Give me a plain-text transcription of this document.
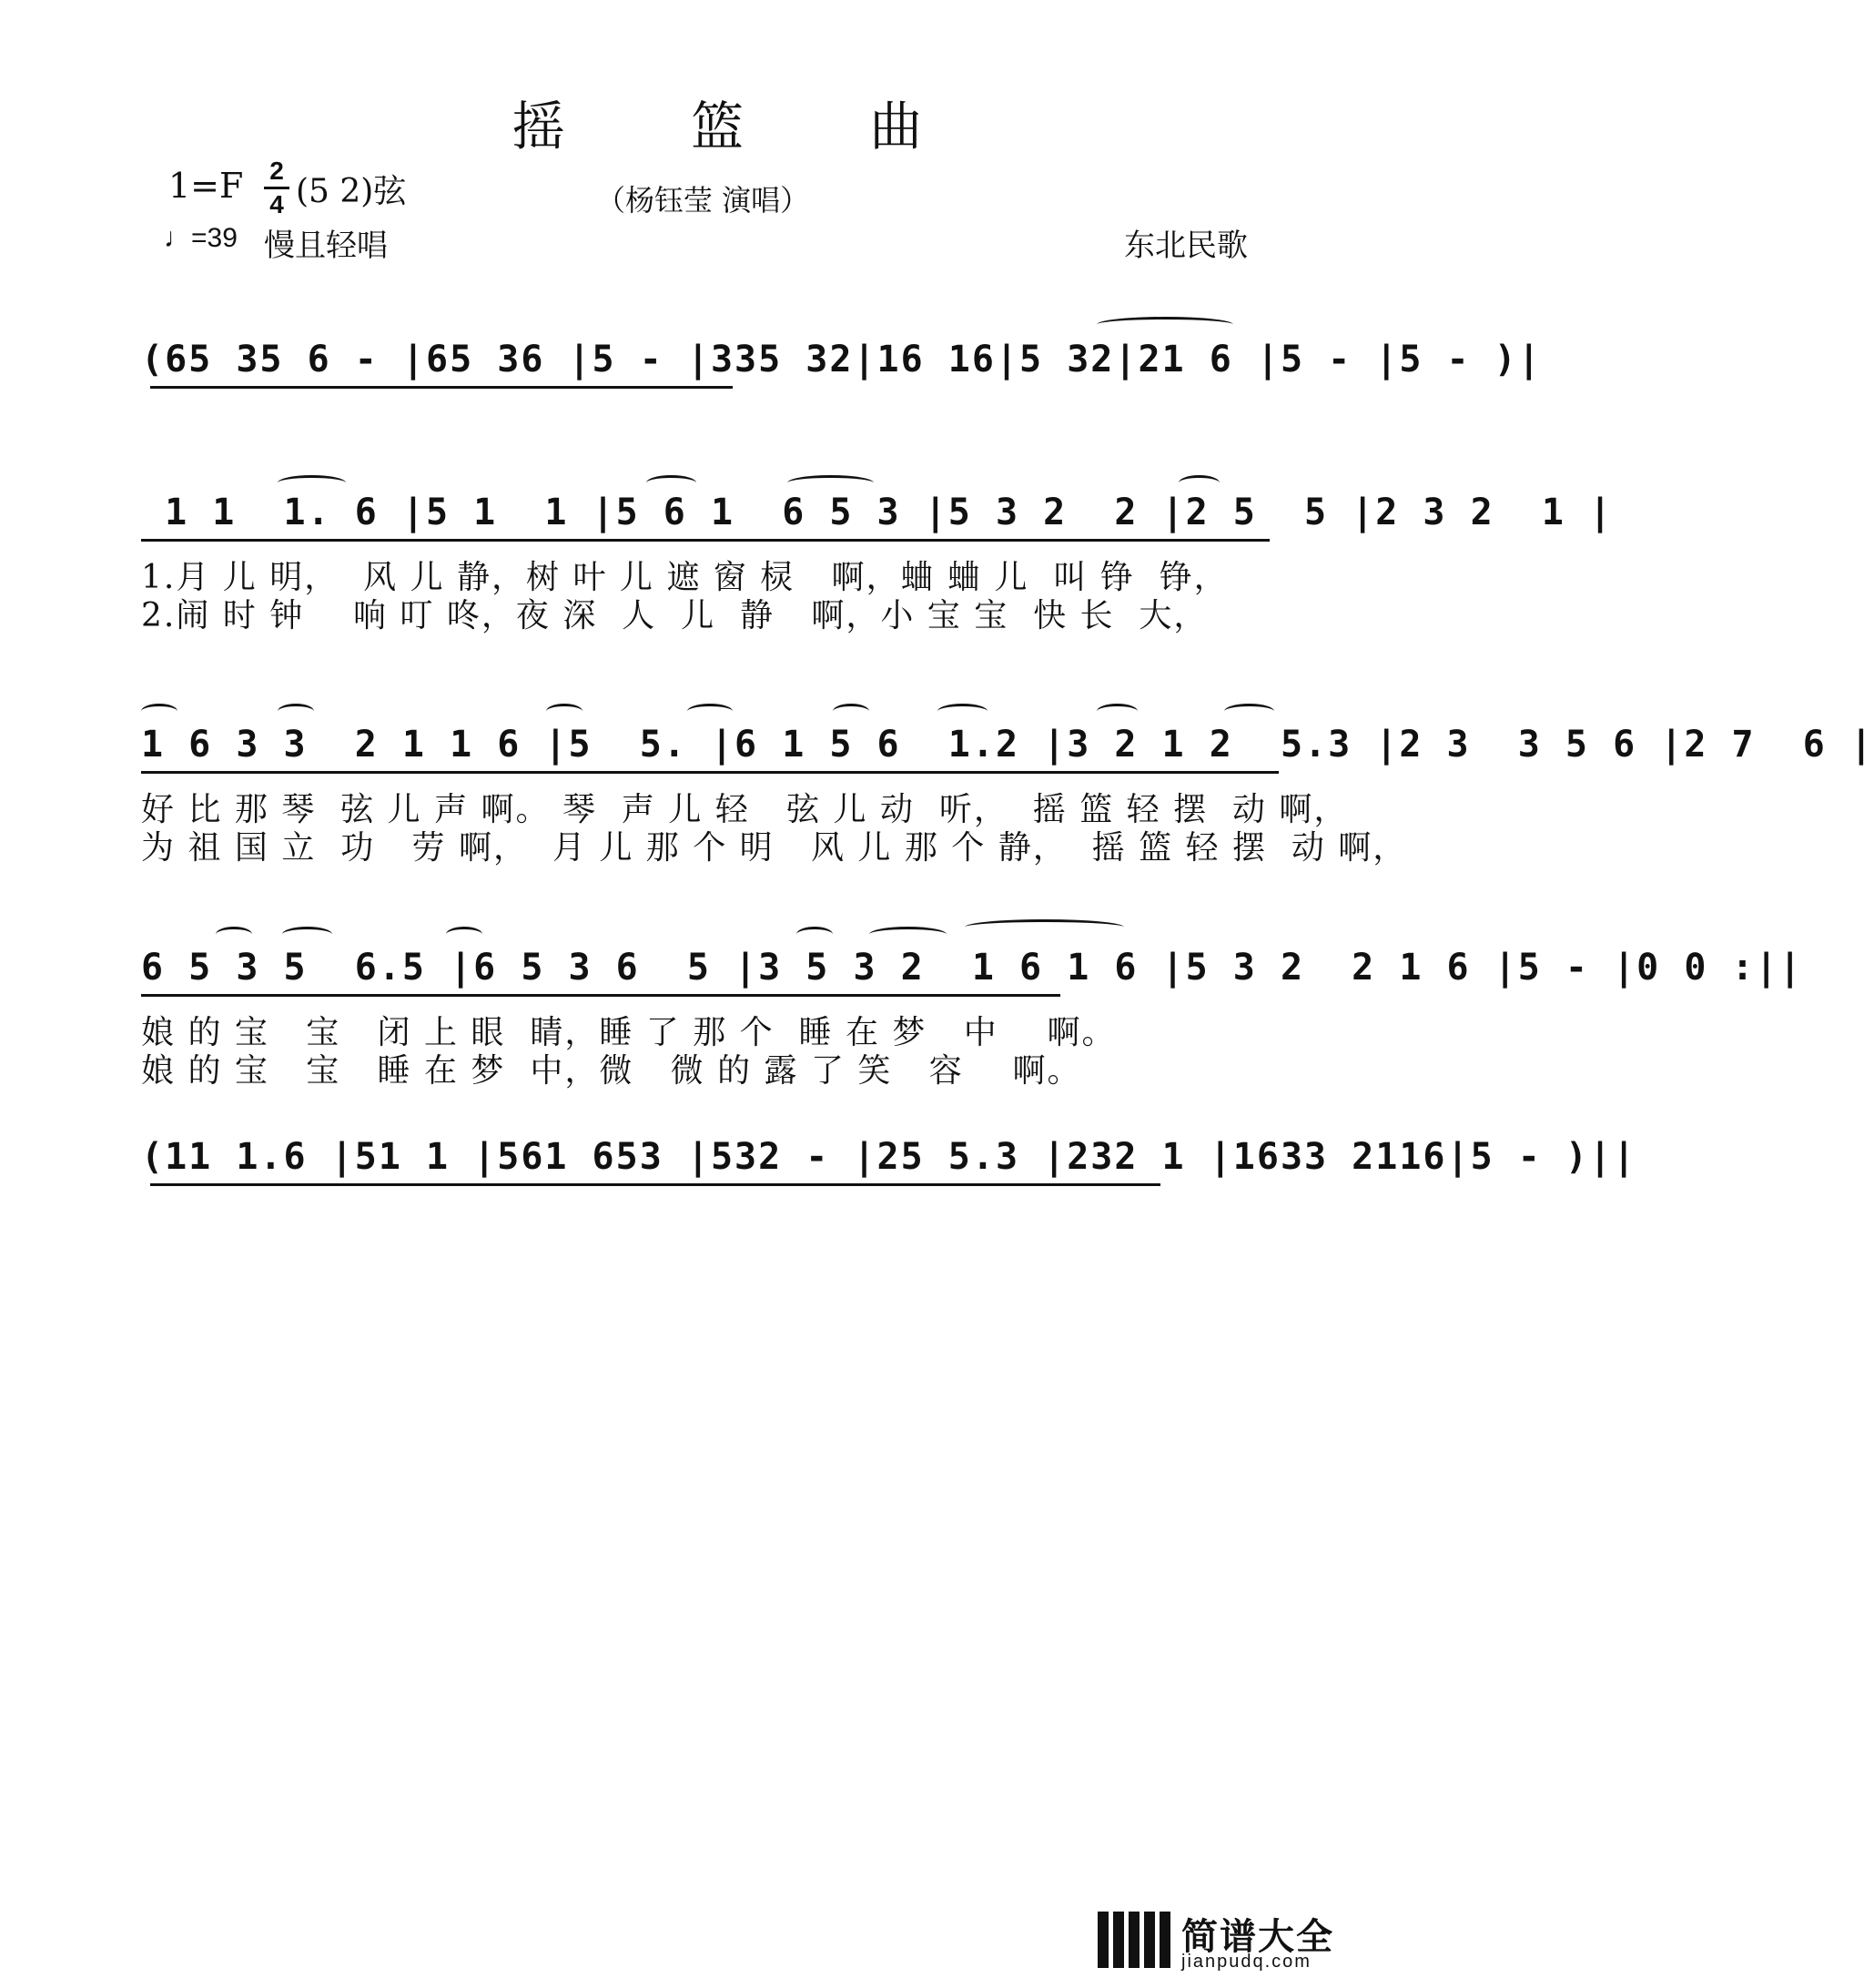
摇 篮 曲
1=F 2
4 (5 2)弦	（杨钰莹 演唱）
♩=39 慢且轻唱	东北民歌
(65 35 6 - |65 36 |5 - |335 32|16 16|5 32|21 6 |5 - |5 - )|
1 1  1. 6 |5 1  1 |5 6 1  6 5 3 |5 3 2  2 |2 5  5 |2 3 2  1 |
1.月 儿 明，  风 儿 静，树 叶 儿 遮 窗 棂   啊，蛐 蛐 儿  叫 铮  铮，
2.闹 时 钟    响 叮 咚，夜 深  人  儿  静   啊，小 宝 宝  快 长  大，
1 6 3 3  2 1 1 6 |5  5. |6 1 5 6  1.2 |3 2 1 2  5.3 |2 3  3 5 6 |2 7  6 |
好 比 那 琴  弦 儿 声 啊。 琴  声 儿 轻   弦 儿 动  听，  摇 篮 轻 摆  动 啊，
为 祖 国 立  功   劳 啊，  月 儿 那 个 明   风 儿 那 个 静，  摇 篮 轻 摆  动 啊，
6 5 3 5  6.5 |6 5 3 6  5 |3 5 3 2  1 6 1 6 |5 3 2  2 1 6 |5 - |0 0 :||
娘 的 宝   宝   闭 上 眼  睛，睡 了 那 个  睡 在 梦   中    啊。
娘 的 宝   宝   睡 在 梦  中，微   微 的 露 了 笑   容    啊。
(11 1.6 |51 1 |561 653 |532 - |25 5.3 |232 1 |1633 2116|5 - )||
简谱大全
jianpudq.com
